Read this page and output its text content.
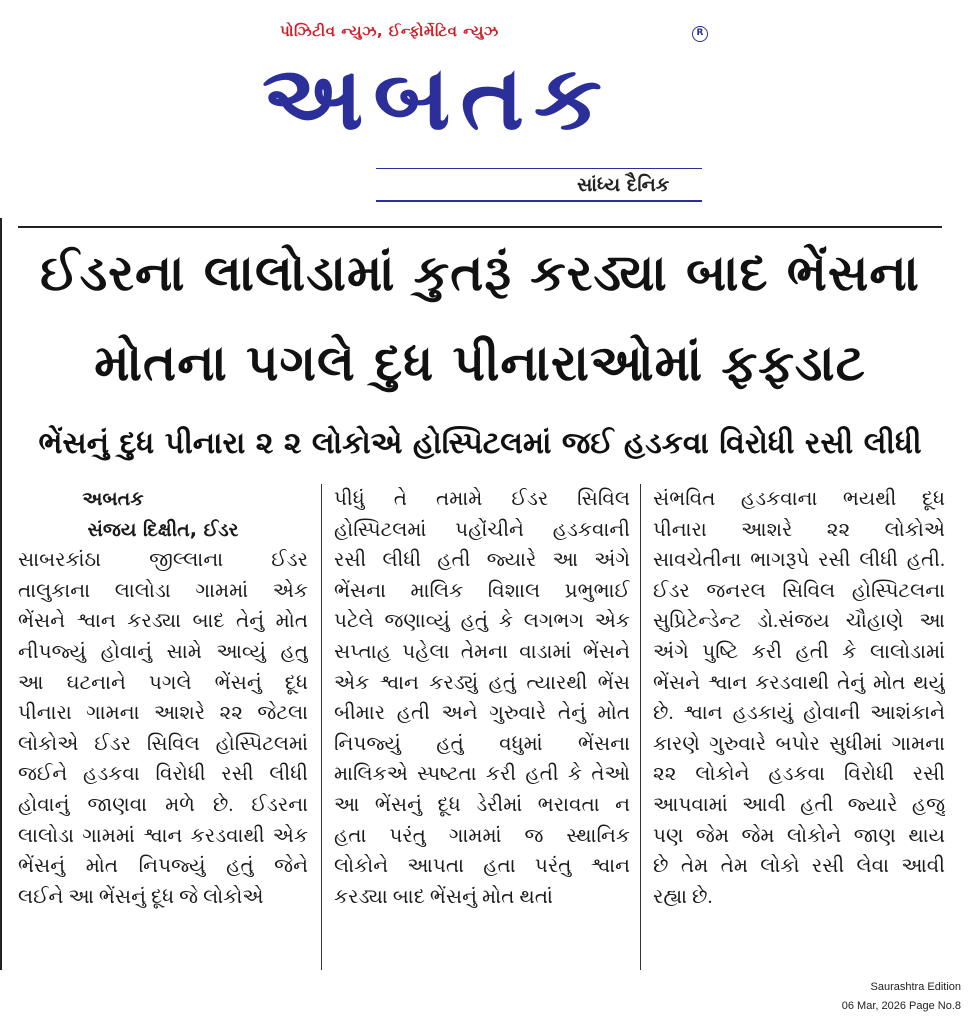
પોઝિટીવ ન્યુઝ, ઈન્ફોર્મેટિવ ન્યુઝ
અબતક
R
સાંધ્ય દૈનિક
ઈડરના લાલોડામાં કુતરૂં કરડ્યા બાદ ભેંસના
મોતના પગલે દુધ પીનારાઓમાં ફફડાટ
ભેંસનું દુધ પીનારા ૨ ૨ લોકોએ હોસ્પિટલમાં જઈ હડકવા વિરોધી રસી લીધી
અબતક
સંજય દિક્ષીત, ઈડર
સાબરકાંઠા જીલ્લાના ઈડર
તાલુકાના લાલોડા ગામમાં એક
ભેંસને શ્વાન કરડ્યા બાદ તેનું મોત
નીપજ્યું હોવાનું સામે આવ્યું હતુ
આ ઘટનાને પગલે ભેંસનું દૂધ
પીનારા ગામના આશરે ૨૨ જેટલા
લોકોએ ઈડર સિવિલ હોસ્પિટલમાં
જઈને હડકવા વિરોધી રસી લીધી
હોવાનું જાણવા મળે છે. ઈડરના
લાલોડા ગામમાં શ્વાન કરડવાથી એક
ભેંસનું મોત નિપજ્યું હતું જેને
લઈને આ ભેંસનું દૂધ જે લોકોએ
પીધું તે તમામે ઈડર સિવિલ
હોસ્પિટલમાં પહોંચીને હડકવાની
રસી લીધી હતી જ્યારે આ અંગે
ભેંસના માલિક વિશાલ પ્રભુભાઈ
પટેલે જણાવ્યું હતું કે લગભગ એક
સપ્તાહ પહેલા તેમના વાડામાં ભેંસને
એક શ્વાન કરડ્યું હતું ત્યારથી ભેંસ
બીમાર હતી અને ગુરુવારે તેનું મોત
નિપજ્યું હતું વધુમાં ભેંસના
માલિકએ સ્પષ્ટતા કરી હતી કે તેઓ
આ ભેંસનું દૂધ ડેરીમાં ભરાવતા ન
હતા પરંતુ ગામમાં જ સ્થાનિક
લોકોને આપતા હતા પરંતુ શ્વાન
કરડ્યા બાદ ભેંસનું મોત થતાં
સંભવિત હડકવાના ભયથી દૂધ
પીનારા આશરે ૨૨ લોકોએ
સાવચેતીના ભાગરૂપે રસી લીધી હતી.
ઈડર જનરલ સિવિલ હોસ્પિટલના
સુપ્રિટેન્ડેન્ટ ડો.સંજય ચૌહાણે આ
અંગે પુષ્ટિ કરી હતી કે લાલોડામાં
ભેંસને શ્વાન કરડવાથી તેનું મોત થયું
છે. શ્વાન હડકાયું હોવાની આશંકાને
કારણે ગુરુવારે બપોર સુધીમાં ગામના
૨૨ લોકોને હડકવા વિરોધી રસી
આપવામાં આવી હતી જ્યારે હજુ
પણ જેમ જેમ લોકોને જાણ થાય
છે તેમ તેમ લોકો રસી લેવા આવી
રહ્યા છે.
Saurashtra Edition
06 Mar, 2026 Page No.8
